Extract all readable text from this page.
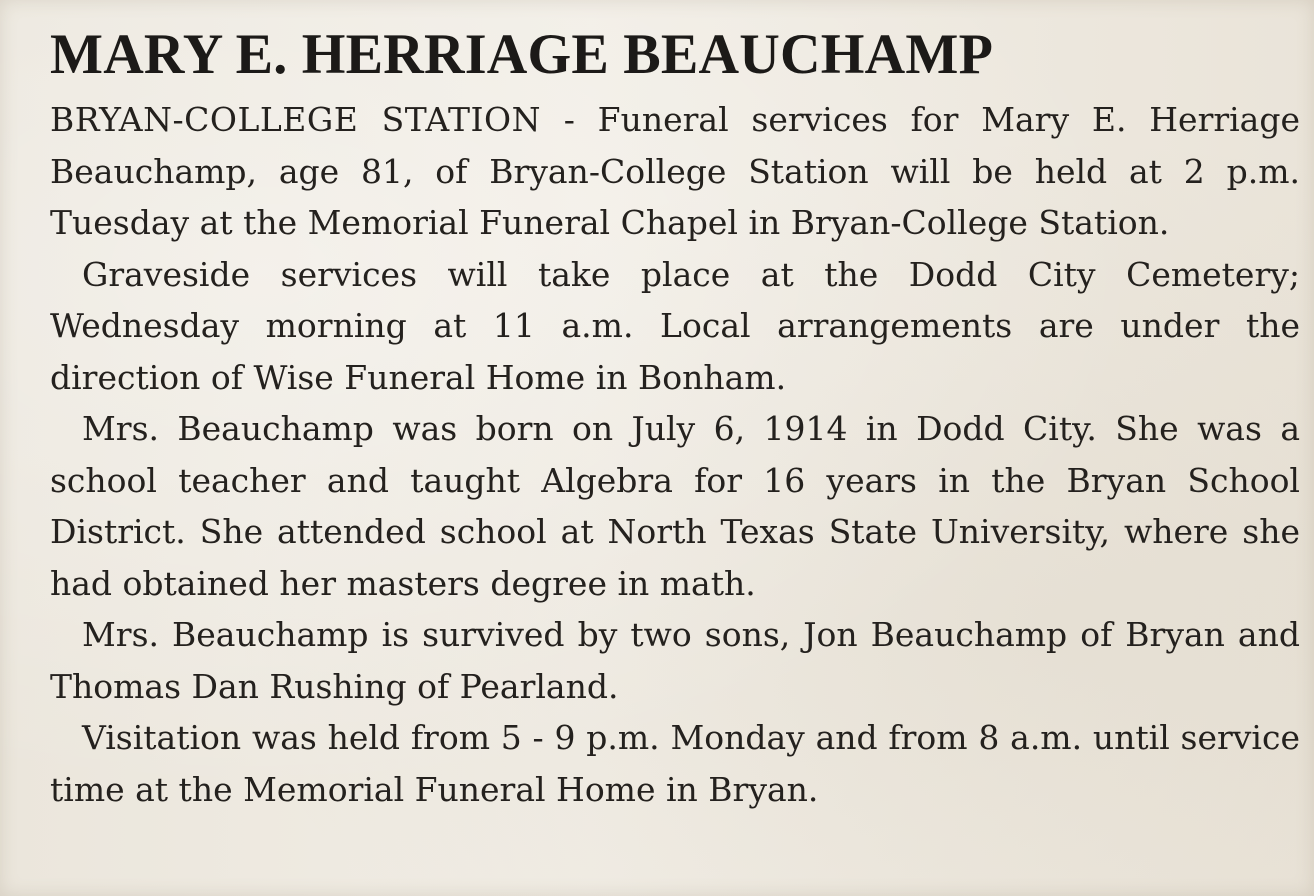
MARY E. HERRIAGE BEAUCHAMP

BRYAN-COLLEGE STATION - Funeral services for Mary E. Herriage Beauchamp, age 81, of Bryan-College Station will be held at 2 p.m. Tuesday at the Memorial Funeral Chapel in Bryan-College Station.

Graveside services will take place at the Dodd City Cemetery; Wednesday morning at 11 a.m. Local arrangements are under the direction of Wise Funeral Home in Bonham.

Mrs. Beauchamp was born on July 6, 1914 in Dodd City. She was a school teacher and taught Algebra for 16 years in the Bryan School District. She attended school at North Texas State University, where she had obtained her masters degree in math.

Mrs. Beauchamp is survived by two sons, Jon Beauchamp of Bryan and Thomas Dan Rushing of Pearland.

Visitation was held from 5 - 9 p.m. Monday and from 8 a.m. until service time at the Memorial Funeral Home in Bryan.
